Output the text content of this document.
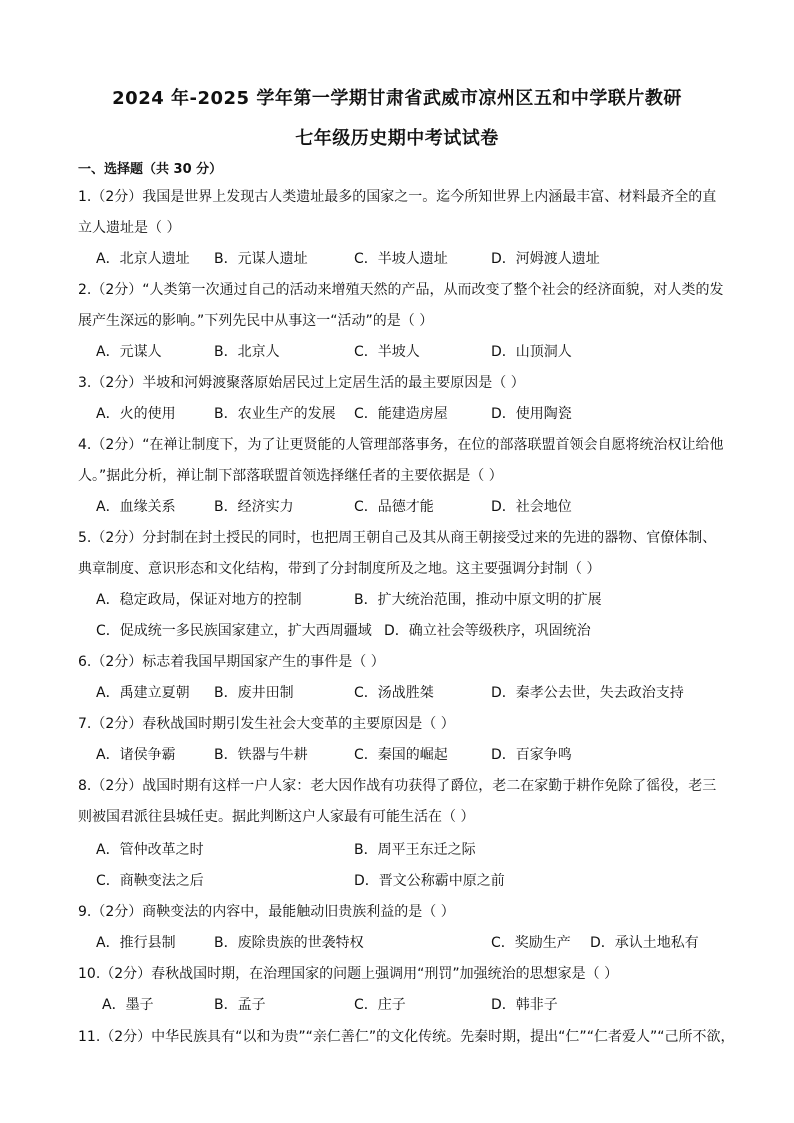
2024 年-2025 学年第一学期甘肃省武威市凉州区五和中学联片教研
七年级历史期中考试试卷
一、选择题（共 30 分）
1.（2分）我国是世界上发现古人类遗址最多的国家之一。迄今所知世界上内涵最丰富、材料最齐全的直
立人遗址是（ ）
A．北京人遗址 B．元谋人遗址	C．半坡人遗址	D．河姆渡人遗址
2.（2分）“人类第一次通过自己的活动来增殖天然的产品，从而改变了整个社会的经济面貌，对人类的发
展产生深远的影响。”下列先民中从事这一“活动”的是（ ）
A．元谋人	B．北京人	C．半坡人	D．山顶洞人
3.（2分）半坡和河姆渡聚落原始居民过上定居生活的最主要原因是（ ）
A．火的使用	B．农业生产的发展 C．能建造房屋	D．使用陶瓷
4.（2分）“在禅让制度下，为了让更贤能的人管理部落事务，在位的部落联盟首领会自愿将统治权让给他
人。”据此分析，禅让制下部落联盟首领选择继任者的主要依据是（ ）
A．血缘关系	B．经济实力	C．品德才能	D．社会地位
5.（2分）分封制在封土授民的同时，也把周王朝自己及其从商王朝接受过来的先进的器物、官僚体制、
典章制度、意识形态和文化结构，带到了分封制度所及之地。这主要强调分封制（ ）
A．稳定政局，保证对地方的控制	B．扩大统治范围，推动中原文明的扩展
C．促成统一多民族国家建立，扩大西周疆域 D．确立社会等级秩序，巩固统治
6.（2分）标志着我国早期国家产生的事件是（ ）
A．禹建立夏朝 B．废井田制	C．汤战胜桀	D．秦孝公去世，失去政治支持
7.（2分）春秋战国时期引发生社会大变革的主要原因是（ ）
A．诸侯争霸	B．铁器与牛耕	C．秦国的崛起	D．百家争鸣
8.（2分）战国时期有这样一户人家：老大因作战有功获得了爵位，老二在家勤于耕作免除了徭役，老三
则被国君派往县城任吏。据此判断这户人家最有可能生活在（ ）
A．管仲改革之时	B．周平王东迁之际
C．商鞅变法之后	D．晋文公称霸中原之前
9.（2分）商鞅变法的内容中，最能触动旧贵族利益的是（ ）
A．推行县制	B．废除贵族的世袭特权	C．奖励生产 D．承认土地私有
10.（2分）春秋战国时期，在治理国家的问题上强调用“刑罚”加强统治的思想家是（ ）
A．墨子	B．孟子	C．庄子	D．韩非子
11.（2分）中华民族具有“以和为贵”“亲仁善仁”的文化传统。先秦时期，提出“仁”“仁者爱人”“己所不欲，
